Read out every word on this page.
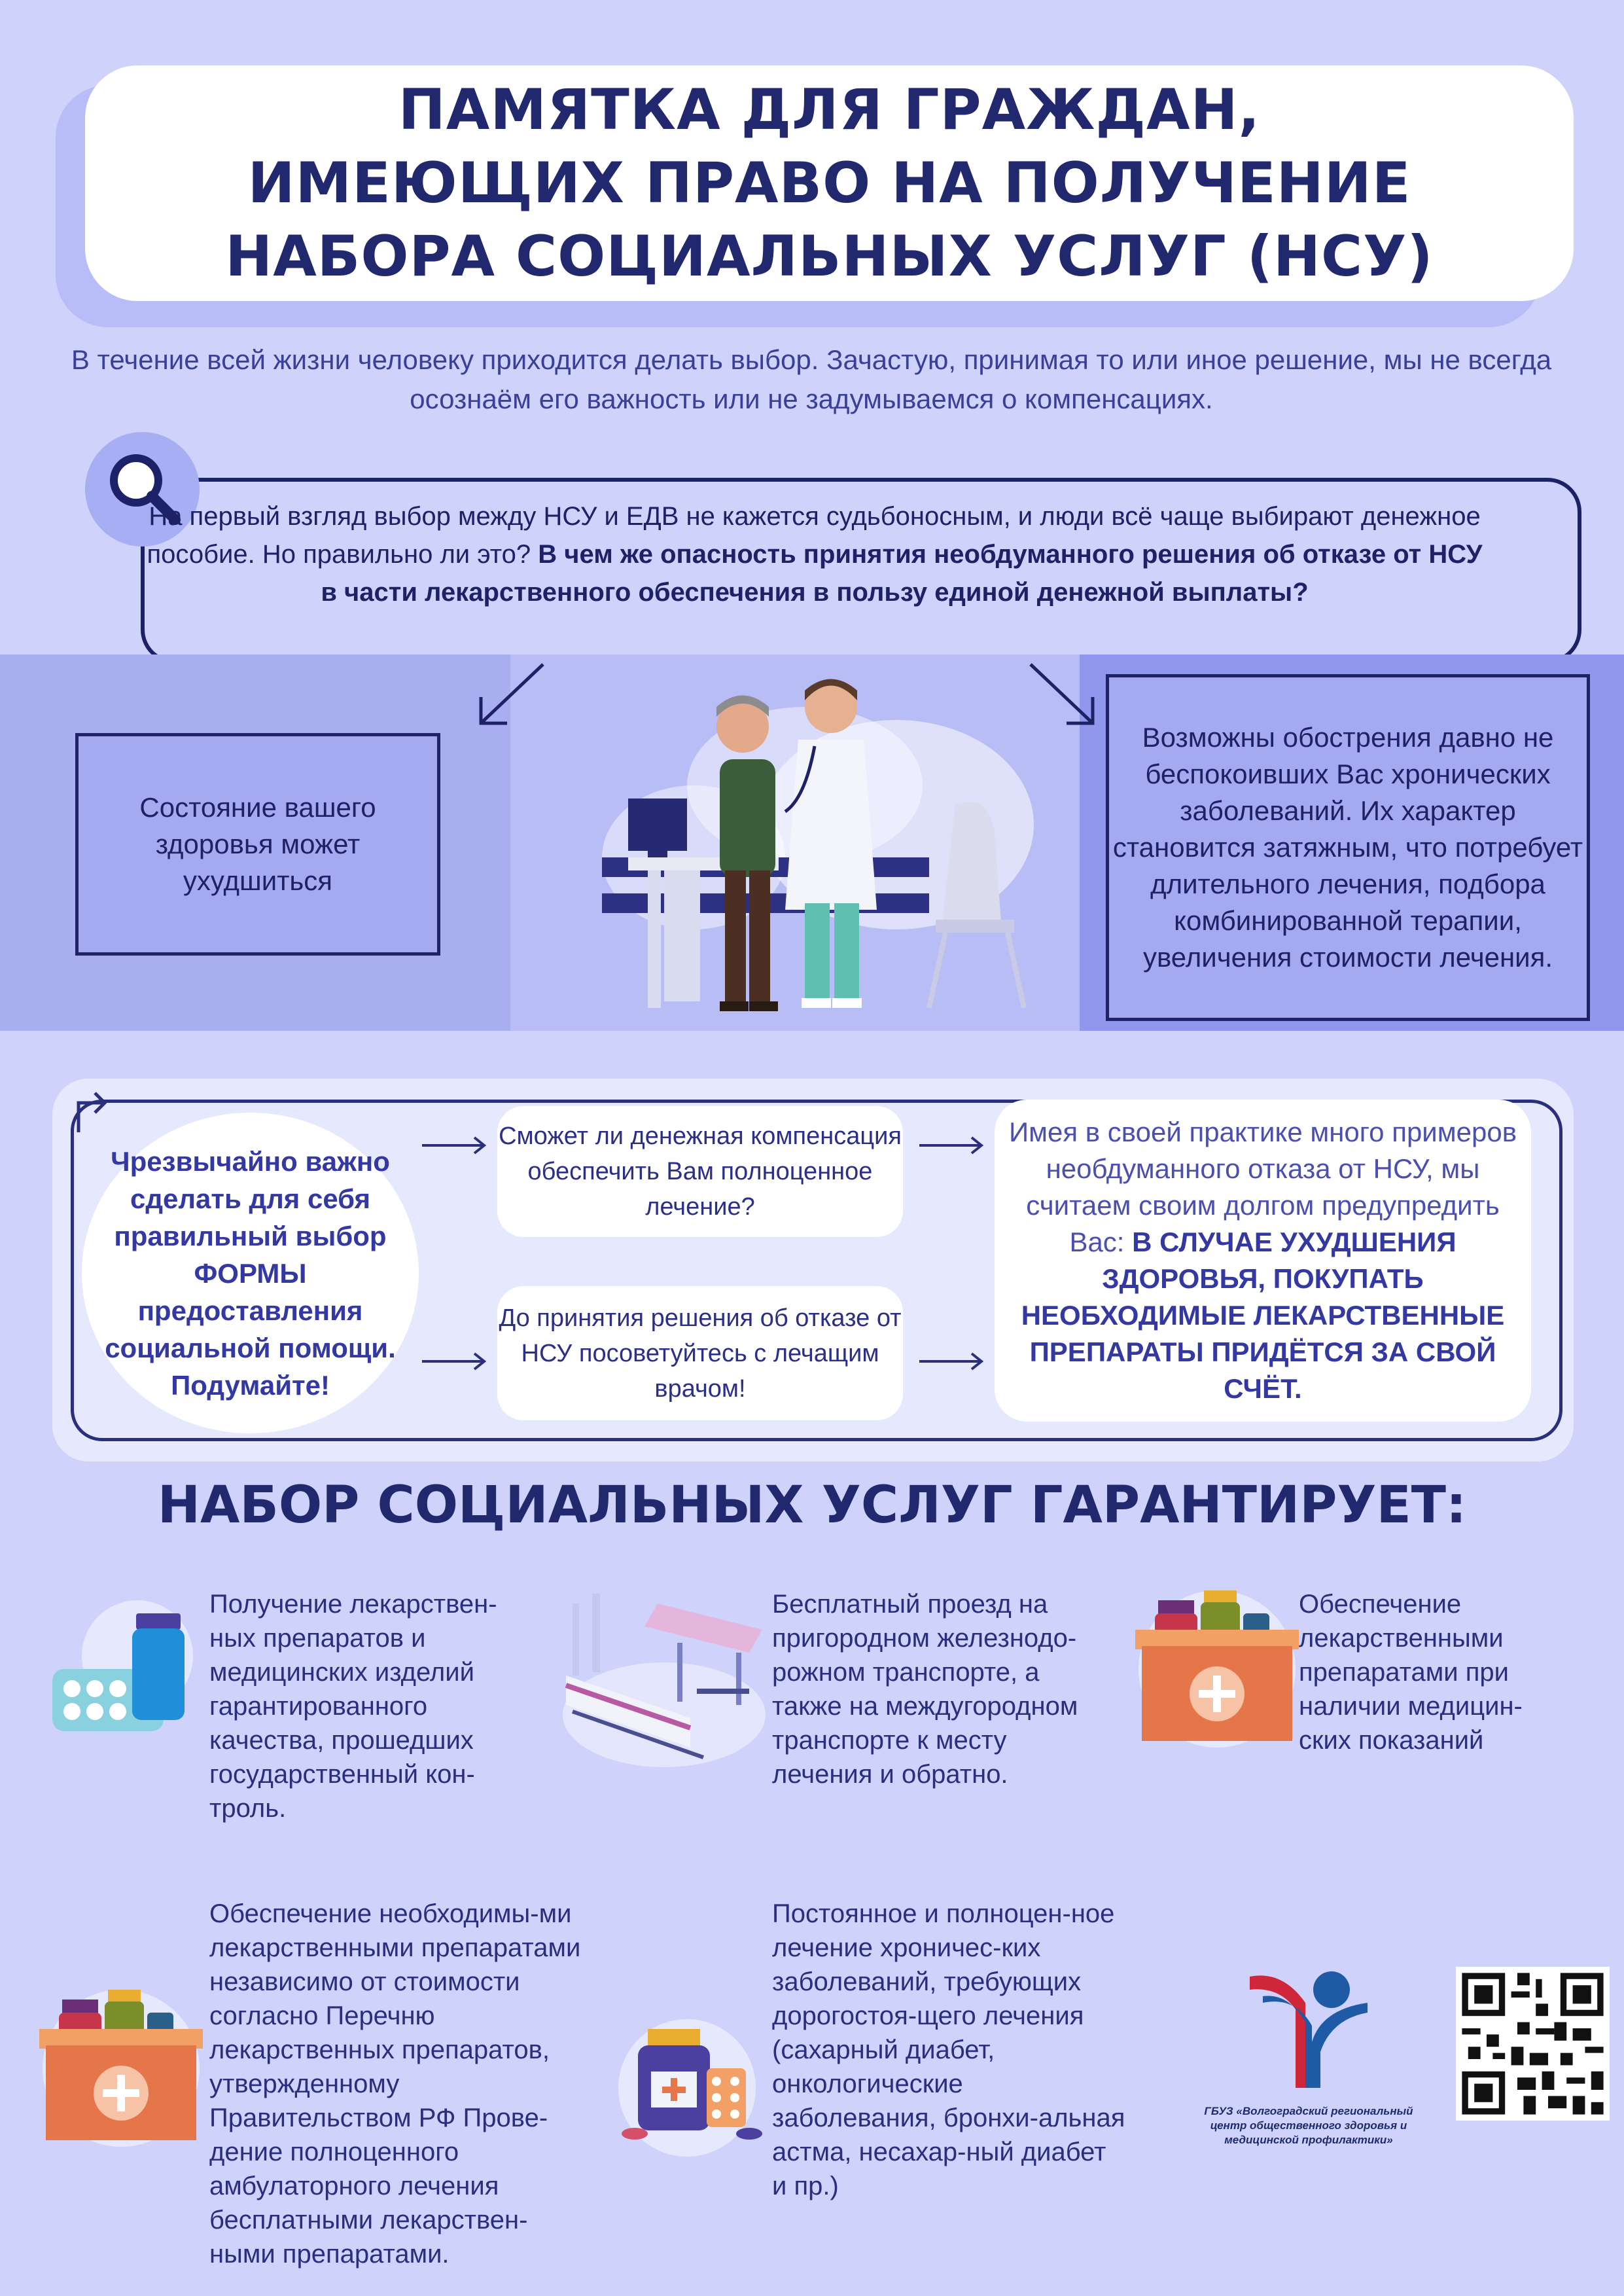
ПАМЯТКА ДЛЯ ГРАЖДАН, ИМЕЮЩИХ ПРАВО НА ПОЛУЧЕНИЕ НАБОРА СОЦИАЛЬНЫХ УСЛУГ (НСУ)
В течение всей жизни человеку приходится делать выбор. Зачастую, принимая то или иное решение, мы не всегда осознаём его важность или не задумываемся о компенсациях.
На первый взгляд выбор между НСУ и ЕДВ не кажется судьбоносным, и люди всё чаще выбирают денежное пособие. Но правильно ли это? В чем же опасность принятия необдуманного решения об отказе от НСУ в части лекарственного обеспечения в пользу единой денежной выплаты?
Состояние вашего здоровья может ухудшиться
Возможны обострения давно не беспокоивших Вас хронических заболеваний. Их характер становится затяжным, что потребует длительного лечения, подбора комбинированной терапии, увеличения стоимости лечения.
Чрезвычайно важно сделать для себя правильный выбор ФОРМЫ предоставления социальной помощи. Подумайте!
Сможет ли денежная компенсация обеспечить Вам полноценное лечение?
До принятия решения об отказе от НСУ посоветуйтесь с лечащим врачом!
Имея в своей практике много примеров необдуманного отказа от НСУ, мы считаем своим долгом предупредить Вас: В СЛУЧАЕ УХУДШЕНИЯ ЗДОРОВЬЯ, ПОКУПАТЬ НЕОБХОДИМЫЕ ЛЕКАРСТВЕННЫЕ ПРЕПАРАТЫ ПРИДЁТСЯ ЗА СВОЙ СЧЁТ.
НАБОР СОЦИАЛЬНЫХ УСЛУГ ГАРАНТИРУЕТ:
Получение лекарствен-ных препаратов и медицинских изделий гарантированного качества, прошедших государственный кон-троль.
Бесплатный проезд на пригородном железнодо-рожном транспорте, а также на междугородном транспорте к месту лечения и обратно.
Обеспечение лекарственными препаратами при наличии медицин-ских показаний
Обеспечение необходимы-ми лекарственными препаратами независимо от стоимости согласно Перечню лекарственных препаратов, утвержденному Правительством РФ Прове-дение полноценного амбулаторного лечения бесплатными лекарствен-ными препаратами.
Постоянное и полноцен-ное лечение хроничес-ких заболеваний, требующих дорогостоя-щего лечения (сахарный диабет, онкологические заболевания, бронхи-альная астма, несахар-ный диабет и пр.)
ГБУЗ «Волгоградский региональный центр общественного здоровья и медицинской профилактики»
